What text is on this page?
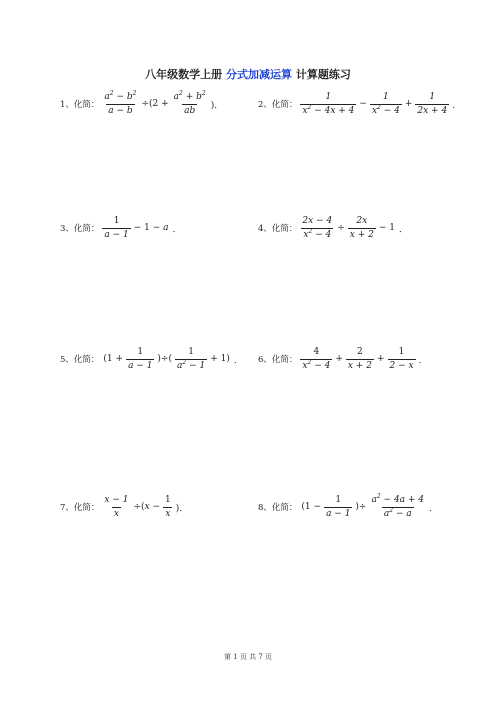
八年级数学上册 分式加减运算 计算题练习
1、化简： $\frac{a^2 - b^2}{a - b} \div(2 + \frac{a^2 + b^2}{ab}$ )．	2、化简： $\frac{1}{x^2 - 4x + 4} - \frac{1}{x^2 - 4} + \frac{1}{2x + 4}$ ．
3、化简： $\frac{1}{a - 1} - 1 - a$ ．	4、化简： $\frac{2x - 4}{x^2 - 4} \div \frac{2x}{x + 2} - 1$ ．
5、化简： ($1 + \frac{1}{a - 1}$ )÷( $\frac{1}{a^2 - 1} + 1$) ． 6、化简： $\frac{4}{x^2 - 4} + \frac{2}{x + 2} + \frac{1}{2 - x}$ ．
7、化简： $\frac{x - 1}{x} \div(x - \frac{1}{x}$ )．	8、化简： ($1 - \frac{1}{a - 1}$ )÷ $\frac{a^2 - 4a + 4}{a^2 - a}$ ．
第 1 页 共 7 页
